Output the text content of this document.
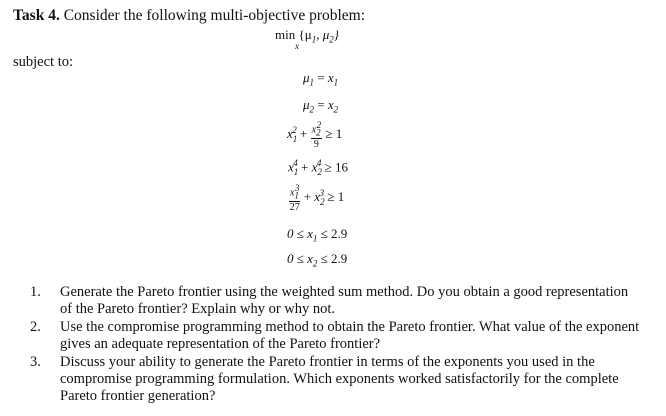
Task 4. Consider the following multi-objective problem:
$\min \{\mu_1$, $\mu_2$}
x
subject to:
$\mu_1 = x_1$
$\mu_2 = x_2$
$x_1^2 + \frac{x_2^2}{9} \ge 1$
$x_1^4 + x_2^4 \ge 16$
$\frac{x_1^3}{27} + x_2^3 \ge 1$
$0 \le x_1 \le 2.9$
$0 \le x_2 \le 2.9$
1. Generate the Pareto frontier using the weighted sum method. Do you obtain a good representation of the Pareto frontier? Explain why or why not.
2. Use the compromise programming method to obtain the Pareto frontier. What value of the exponent gives an adequate representation of the Pareto frontier?
3. Discuss your ability to generate the Pareto frontier in terms of the exponents you used in the compromise programming formulation. Which exponents worked satisfactorily for the complete Pareto frontier generation?
